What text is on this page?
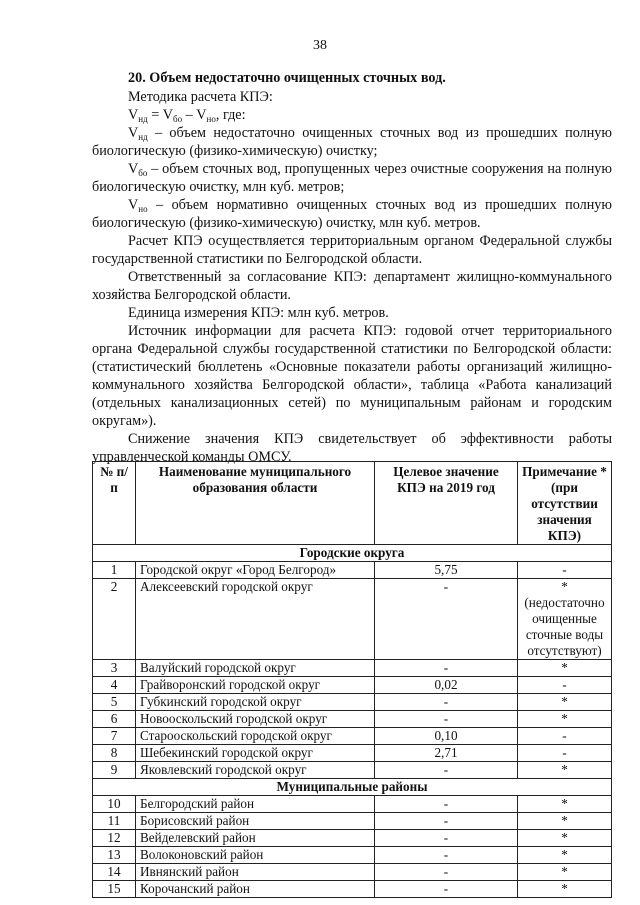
38
20. Объем недостаточно очищенных сточных вод.

Методика расчета КПЭ:

$V_{нд} = V_{бо} - V_{но}$, где:

$V_{нд}$ – объем недостаточно очищенных сточных вод из прошедших полную биологическую (физико-химическую) очистку;

$V_{бо}$ – объем сточных вод, пропущенных через очистные сооружения на полную биологическую очистку, млн куб. метров;

$V_{но}$ – объем нормативно очищенных сточных вод из прошедших полную биологическую (физико-химическую) очистку, млн куб. метров.

Расчет КПЭ осуществляется территориальным органом Федеральной службы государственной статистики по Белгородской области.

Ответственный за согласование КПЭ: департамент жилищно-коммунального хозяйства Белгородской области.

Единица измерения КПЭ: млн куб. метров.

Источник информации для расчета КПЭ: годовой отчет территориального органа Федеральной службы государственной статистики по Белгородской области: (статистический бюллетень «Основные показатели работы организаций жилищно-коммунального хозяйства Белгородской области», таблица «Работа канализаций (отдельных канализационных сетей) по муниципальным районам и городским округам»).

Снижение значения КПЭ свидетельствует об эффективности работы управленческой команды ОМСУ.

№ п/п	Наименование муниципального образования области	Целевое значение КПЭ на 2019 год	Примечание * (при отсутствии значения КПЭ)
Городские округа			
1	Городской округ «Город Белгород»	5,75	-
2	Алексеевский городской округ	-	* (недостаточно очищенные сточные воды отсутствуют)
3	Валуйский городской округ	-	*
4	Грайворонский городской округ	0,02	-
5	Губкинский городской округ	-	*
6	Новооскольский городской округ	-	*
7	Старооскольский городской округ	0,10	-
8	Шебекинский городской округ	2,71	-
9	Яковлевский городской округ	-	*
Муниципальные районы			
10	Белгородский район	-	*
11	Борисовский район	-	*
12	Вейделевский район	-	*
13	Волоконовский район	-	*
14	Ивнянский район	-	*
15	Корочанский район	-	*
